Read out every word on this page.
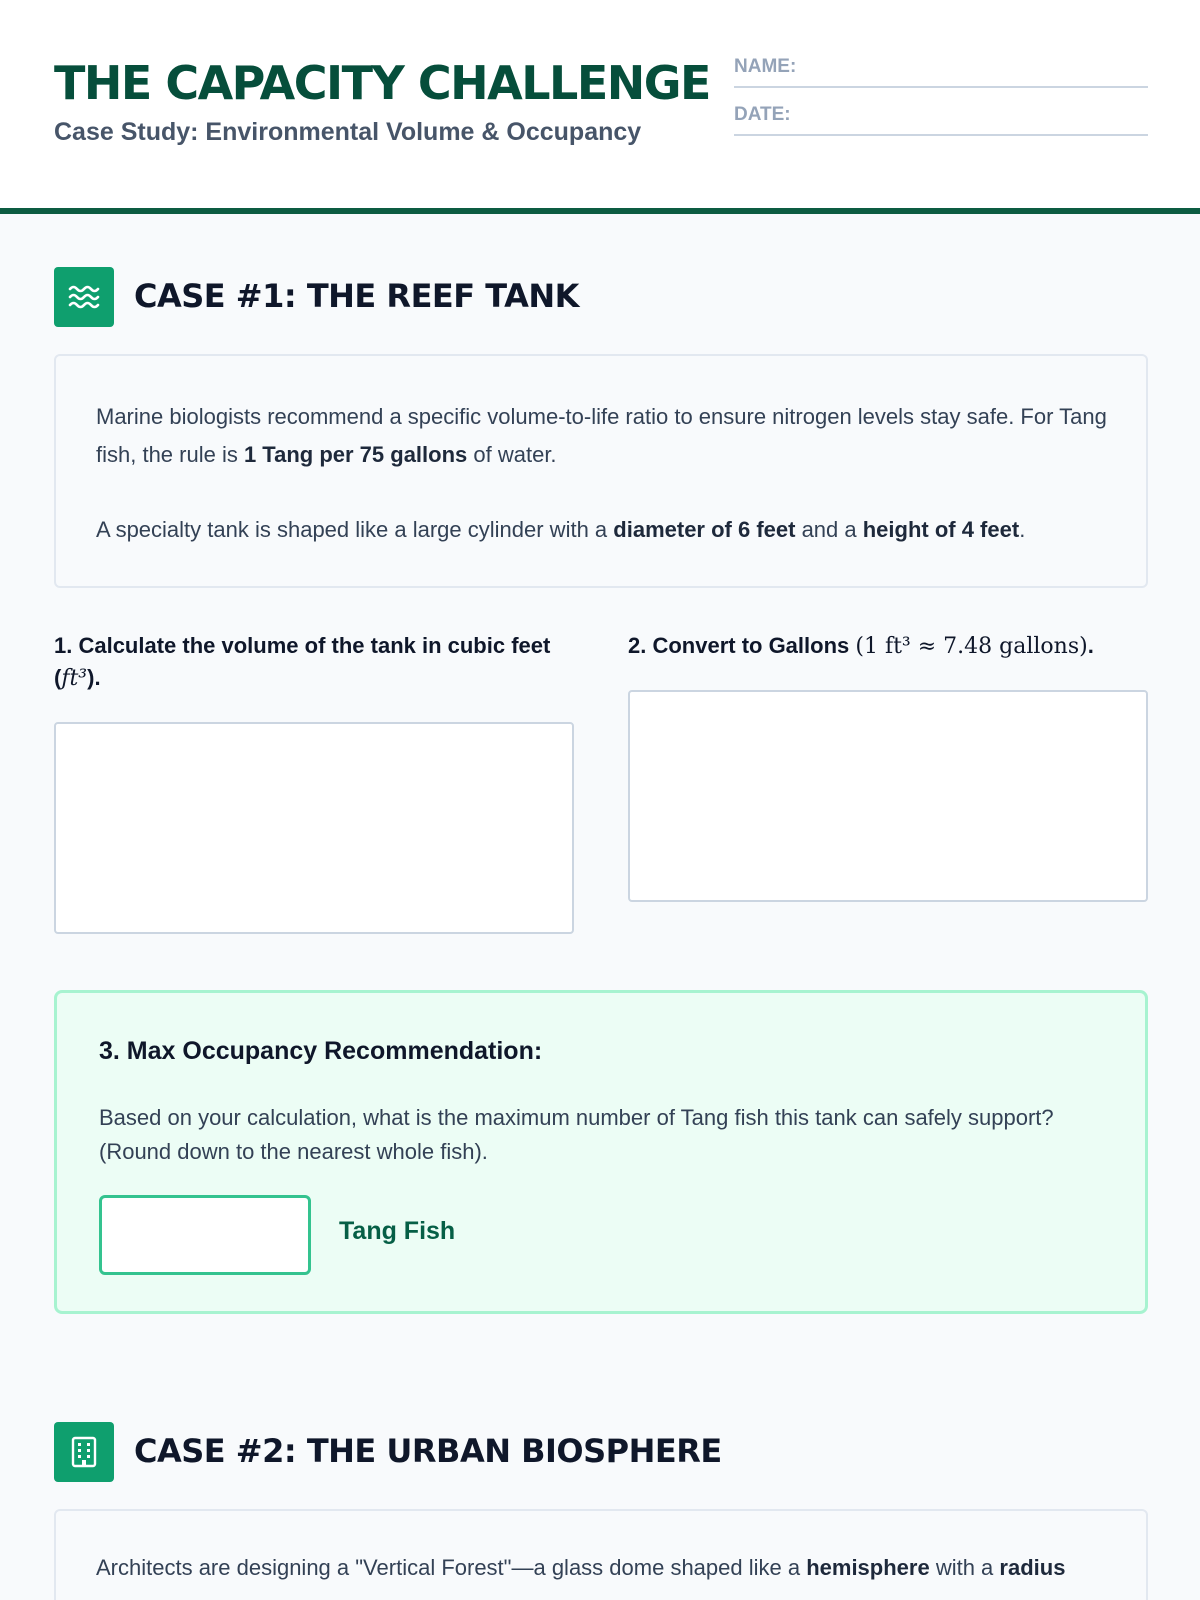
THE CAPACITY CHALLENGE
Case Study: Environmental Volume & Occupancy
NAME:
DATE:
CASE #1: THE REEF TANK
Marine biologists recommend a specific volume-to-life ratio to ensure nitrogen levels stay safe. For Tang fish, the rule is 1 Tang per 75 gallons of water.
A specialty tank is shaped like a large cylinder with a diameter of 6 feet and a height of 4 feet.
1. Calculate the volume of the tank in cubic feet (ft³).
2. Convert to Gallons (1 ft³ ≈ 7.48 gallons).
3. Max Occupancy Recommendation:
Based on your calculation, what is the maximum number of Tang fish this tank can safely support? (Round down to the nearest whole fish).
Tang Fish
CASE #2: THE URBAN BIOSPHERE
Architects are designing a "Vertical Forest"—a glass dome shaped like a hemisphere with a radius
